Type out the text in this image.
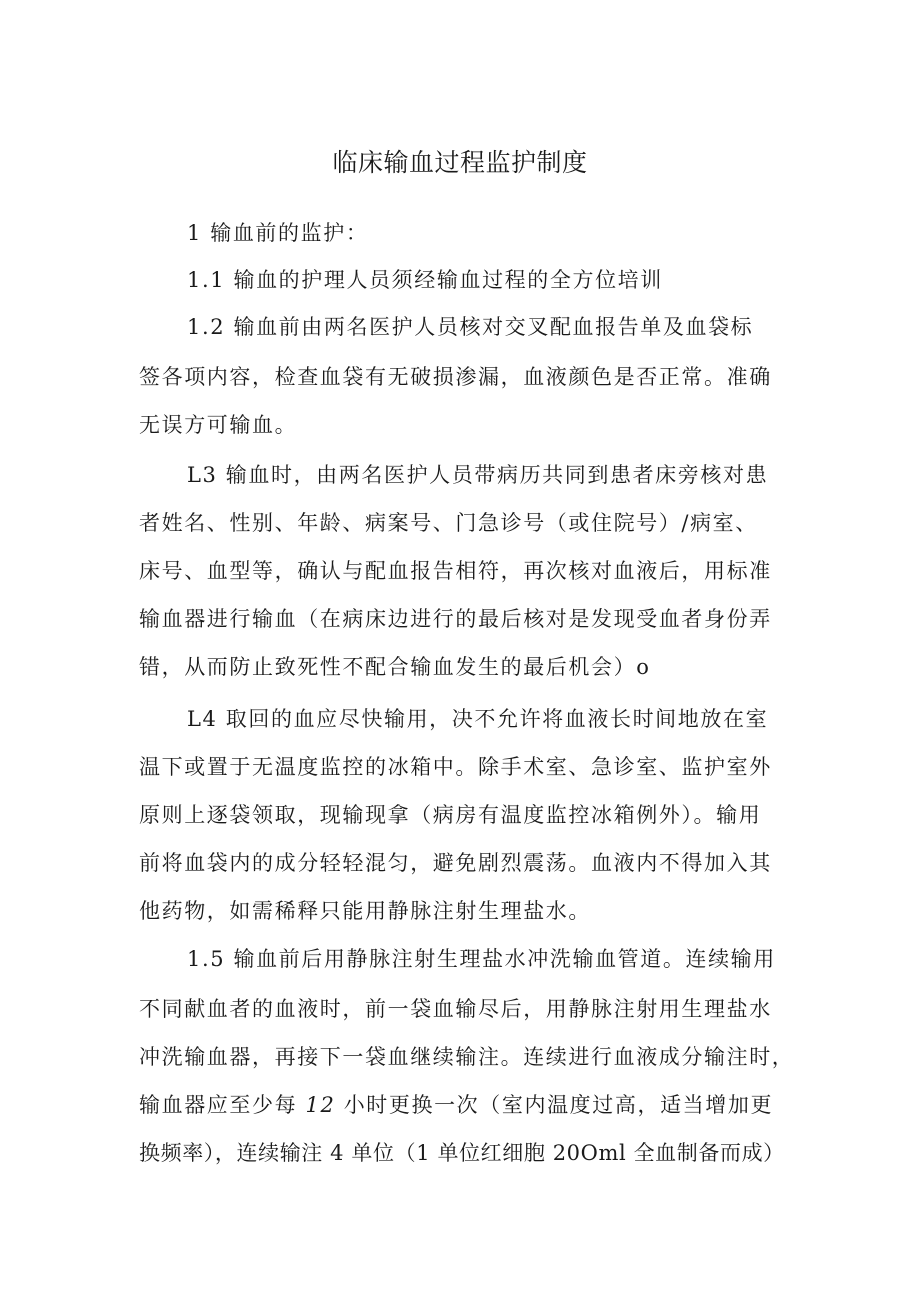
临床输血过程监护制度
1 输血前的监护：
1.1 输血的护理人员须经输血过程的全方位培训
1.2 输血前由两名医护人员核对交叉配血报告单及血袋标
签各项内容，检查血袋有无破损渗漏，血液颜色是否正常。准确
无误方可输血。
L3 输血时，由两名医护人员带病历共同到患者床旁核对患
者姓名、性别、年龄、病案号、门急诊号（或住院号）/病室、
床号、血型等，确认与配血报告相符，再次核对血液后，用标准
输血器进行输血（在病床边进行的最后核对是发现受血者身份弄
错，从而防止致死性不配合输血发生的最后机会）o
L4 取回的血应尽快输用，决不允许将血液长时间地放在室
温下或置于无温度监控的冰箱中。除手术室、急诊室、监护室外
原则上逐袋领取，现输现拿（病房有温度监控冰箱例外）。输用
前将血袋内的成分轻轻混匀，避免剧烈震荡。血液内不得加入其
他药物，如需稀释只能用静脉注射生理盐水。
1.5 输血前后用静脉注射生理盐水冲洗输血管道。连续输用
不同献血者的血液时，前一袋血输尽后，用静脉注射用生理盐水
冲洗输血器，再接下一袋血继续输注。连续进行血液成分输注时，
输血器应至少每 12 小时更换一次（室内温度过高，适当增加更
换频率），连续输注 4 单位（1 单位红细胞 20Oml 全血制备而成）
